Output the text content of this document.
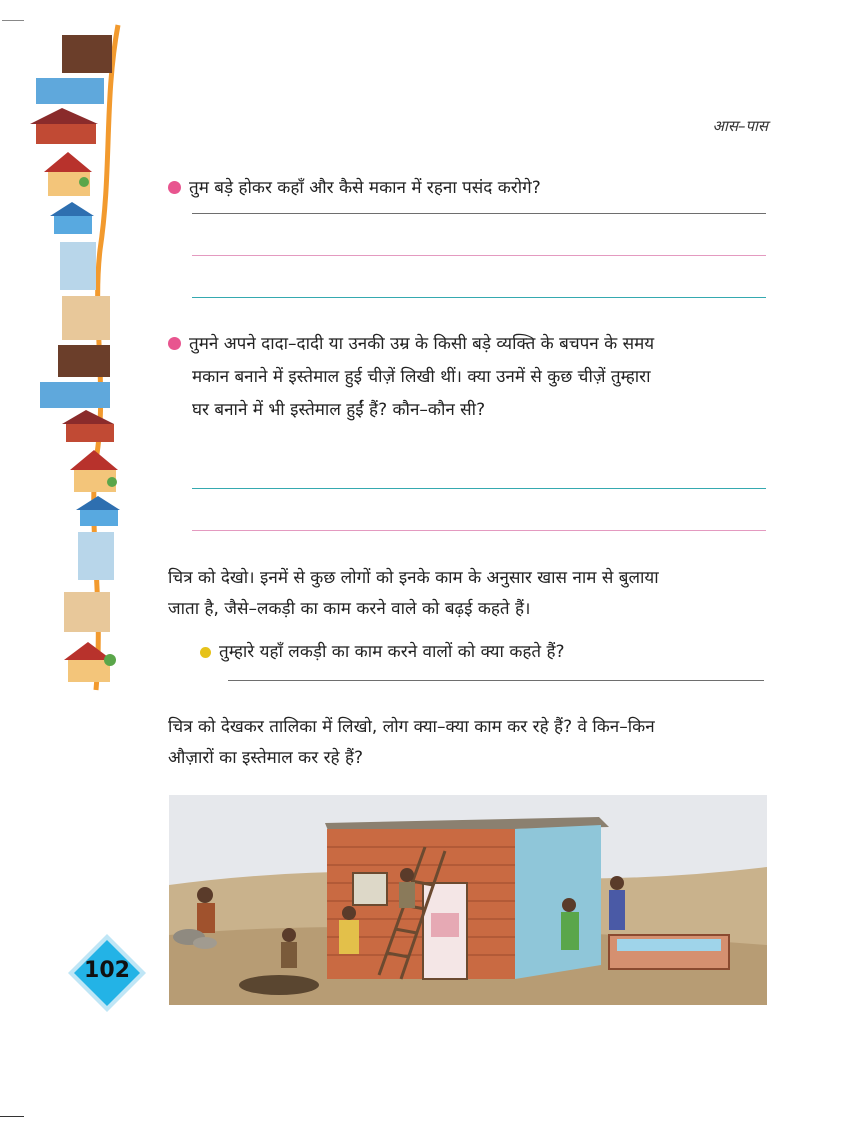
आस–पास
तुम बड़े होकर कहाँ और कैसे मकान में रहना पसंद करोगे?
तुमने अपने दादा–दादी या उनकी उम्र के किसी बड़े व्यक्ति के बचपन के समय
मकान बनाने में इस्तेमाल हुई चीज़ें लिखी थीं। क्या उनमें से कुछ चीज़ें तुम्हारा
घर बनाने में भी इस्तेमाल हुईं हैं? कौन–कौन सी?
चित्र को देखो। इनमें से कुछ लोगों को इनके काम के अनुसार खास नाम से बुलाया
जाता है, जैसे–लकड़ी का काम करने वाले को बढ़ई कहते हैं।
तुम्हारे यहाँ लकड़ी का काम करने वालों को क्या कहते हैं?
चित्र को देखकर तालिका में लिखो, लोग क्या–क्या काम कर रहे हैं? वे किन–किन
औज़ारों का इस्तेमाल कर रहे हैं?
102
